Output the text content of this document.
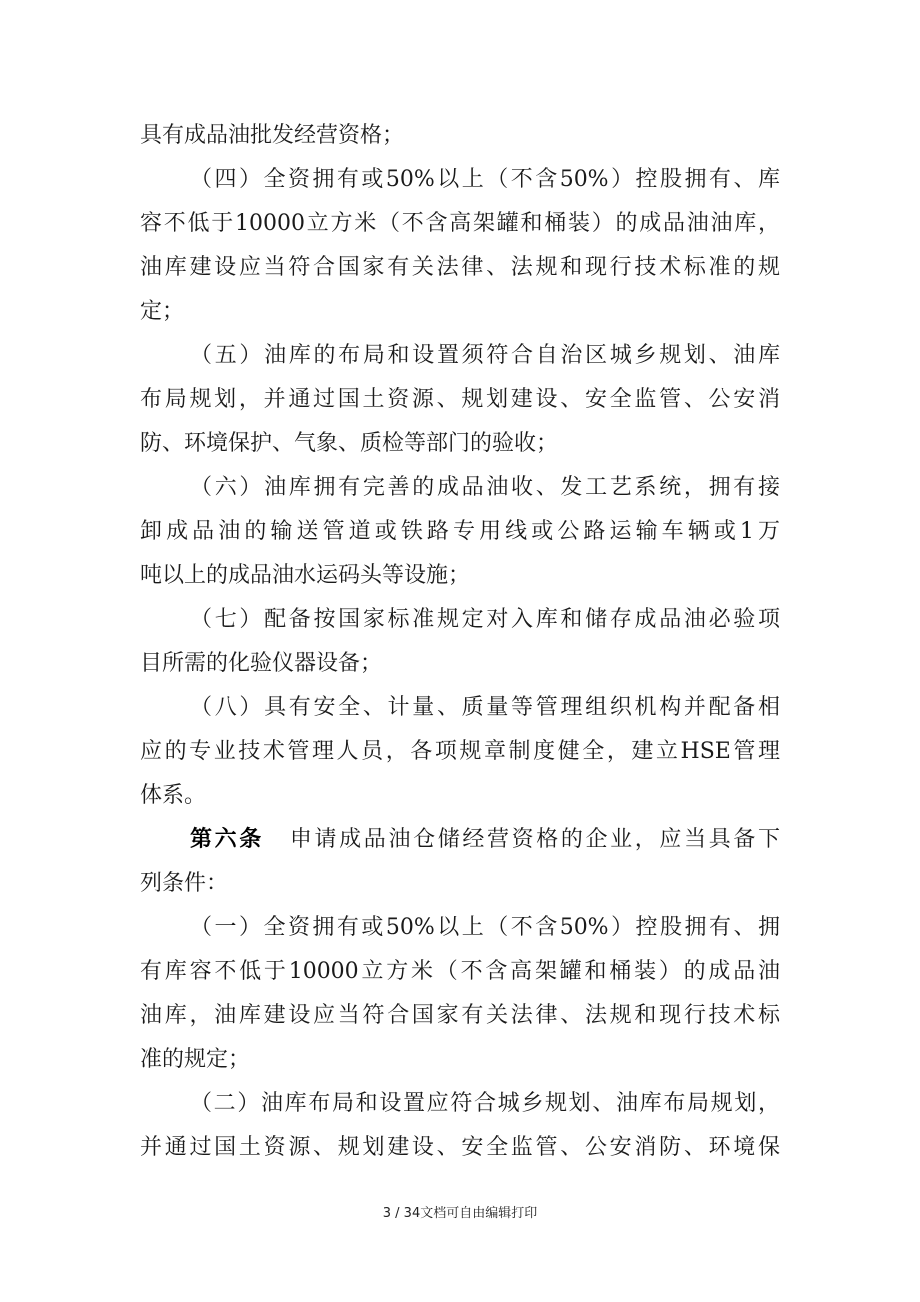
具有成品油批发经营资格；
（四）全资拥有或50%以上（不含50%）控股拥有、库
容不低于10000立方米（不含高架罐和桶装）的成品油油库，
油库建设应当符合国家有关法律、法规和现行技术标准的规
定；
（五）油库的布局和设置须符合自治区城乡规划、油库
布局规划，并通过国土资源、规划建设、安全监管、公安消
防、环境保护、气象、质检等部门的验收；
（六）油库拥有完善的成品油收、发工艺系统，拥有接
卸成品油的输送管道或铁路专用线或公路运输车辆或1万
吨以上的成品油水运码头等设施；
（七）配备按国家标准规定对入库和储存成品油必验项
目所需的化验仪器设备；
（八）具有安全、计量、质量等管理组织机构并配备相
应的专业技术管理人员，各项规章制度健全，建立HSE管理
体系。
第六条 申请成品油仓储经营资格的企业，应当具备下
列条件：
（一）全资拥有或50%以上（不含50%）控股拥有、拥
有库容不低于10000立方米（不含高架罐和桶装）的成品油
油库，油库建设应当符合国家有关法律、法规和现行技术标
准的规定；
（二）油库布局和设置应符合城乡规划、油库布局规划，
并通过国土资源、规划建设、安全监管、公安消防、环境保
3 / 34文档可自由编辑打印
